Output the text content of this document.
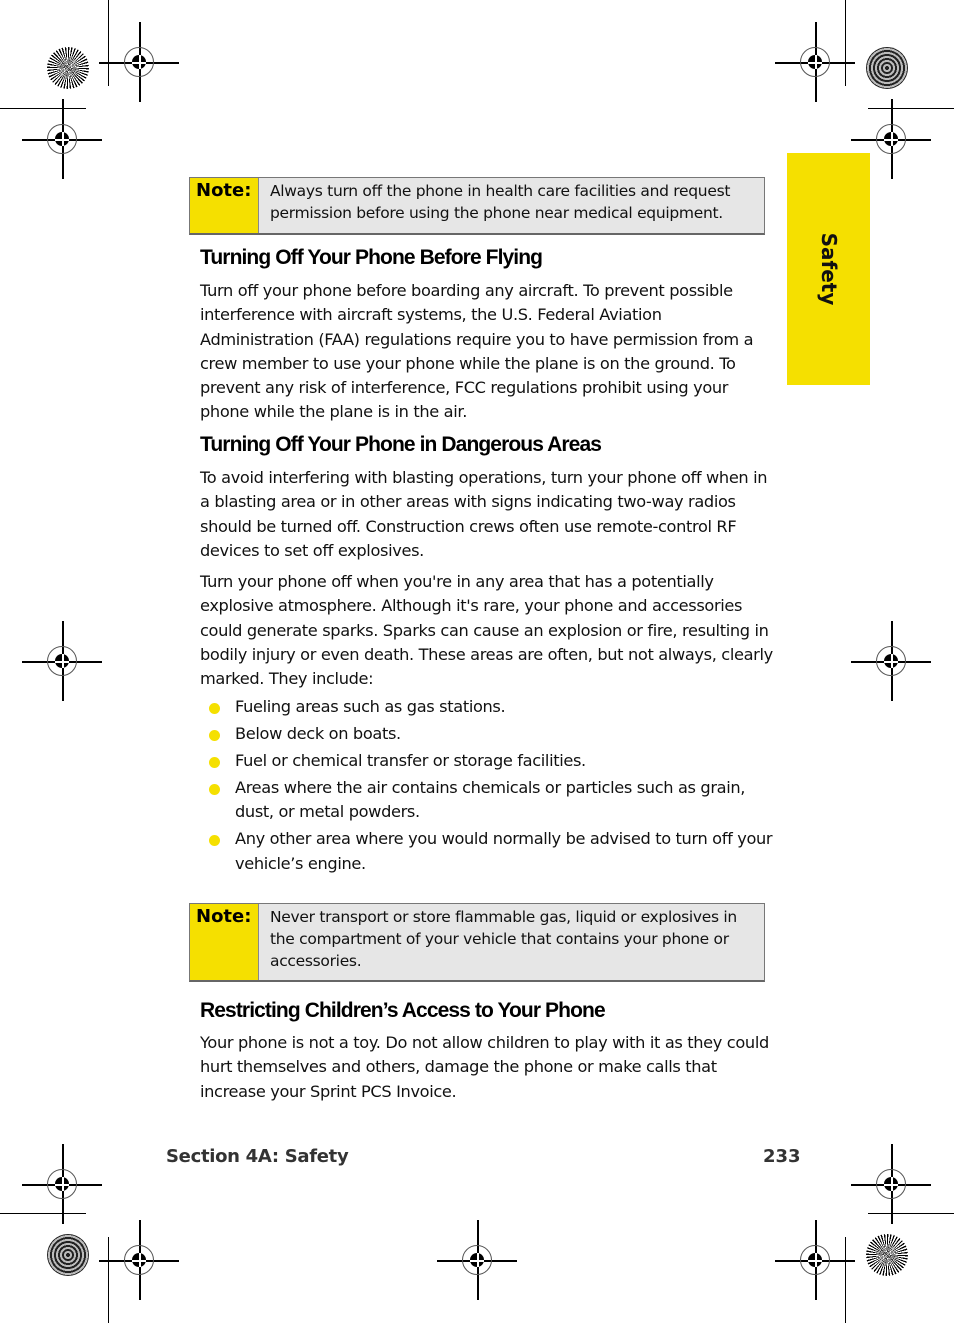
Safety
Note:	Always turn off the phone in health care facilities and request permission before using the phone near medical equipment.
Turning Off Your Phone Before Flying
Turn off your phone before boarding any aircraft. To prevent possible interference with aircraft systems, the U.S. Federal Aviation Administration (FAA) regulations require you to have permission from a crew member to use your phone while the plane is on the ground. To prevent any risk of interference, FCC regulations prohibit using your phone while the plane is in the air.
Turning Off Your Phone in Dangerous Areas
To avoid interfering with blasting operations, turn your phone off when in a blasting area or in other areas with signs indicating two-way radios should be turned off. Construction crews often use remote-control RF devices to set off explosives.
Turn your phone off when you're in any area that has a potentially explosive atmosphere. Although it's rare, your phone and accessories could generate sparks. Sparks can cause an explosion or fire, resulting in bodily injury or even death. These areas are often, but not always, clearly marked. They include:
Fueling areas such as gas stations.
Below deck on boats.
Fuel or chemical transfer or storage facilities.
Areas where the air contains chemicals or particles such as grain, dust, or metal powders.
Any other area where you would normally be advised to turn off your vehicle’s engine.
Note:	Never transport or store flammable gas, liquid or explosives in the compartment of your vehicle that contains your phone or accessories.
Restricting Children’s Access to Your Phone
Your phone is not a toy. Do not allow children to play with it as they could hurt themselves and others, damage the phone or make calls that increase your Sprint PCS Invoice.
Section 4A: Safety	233
